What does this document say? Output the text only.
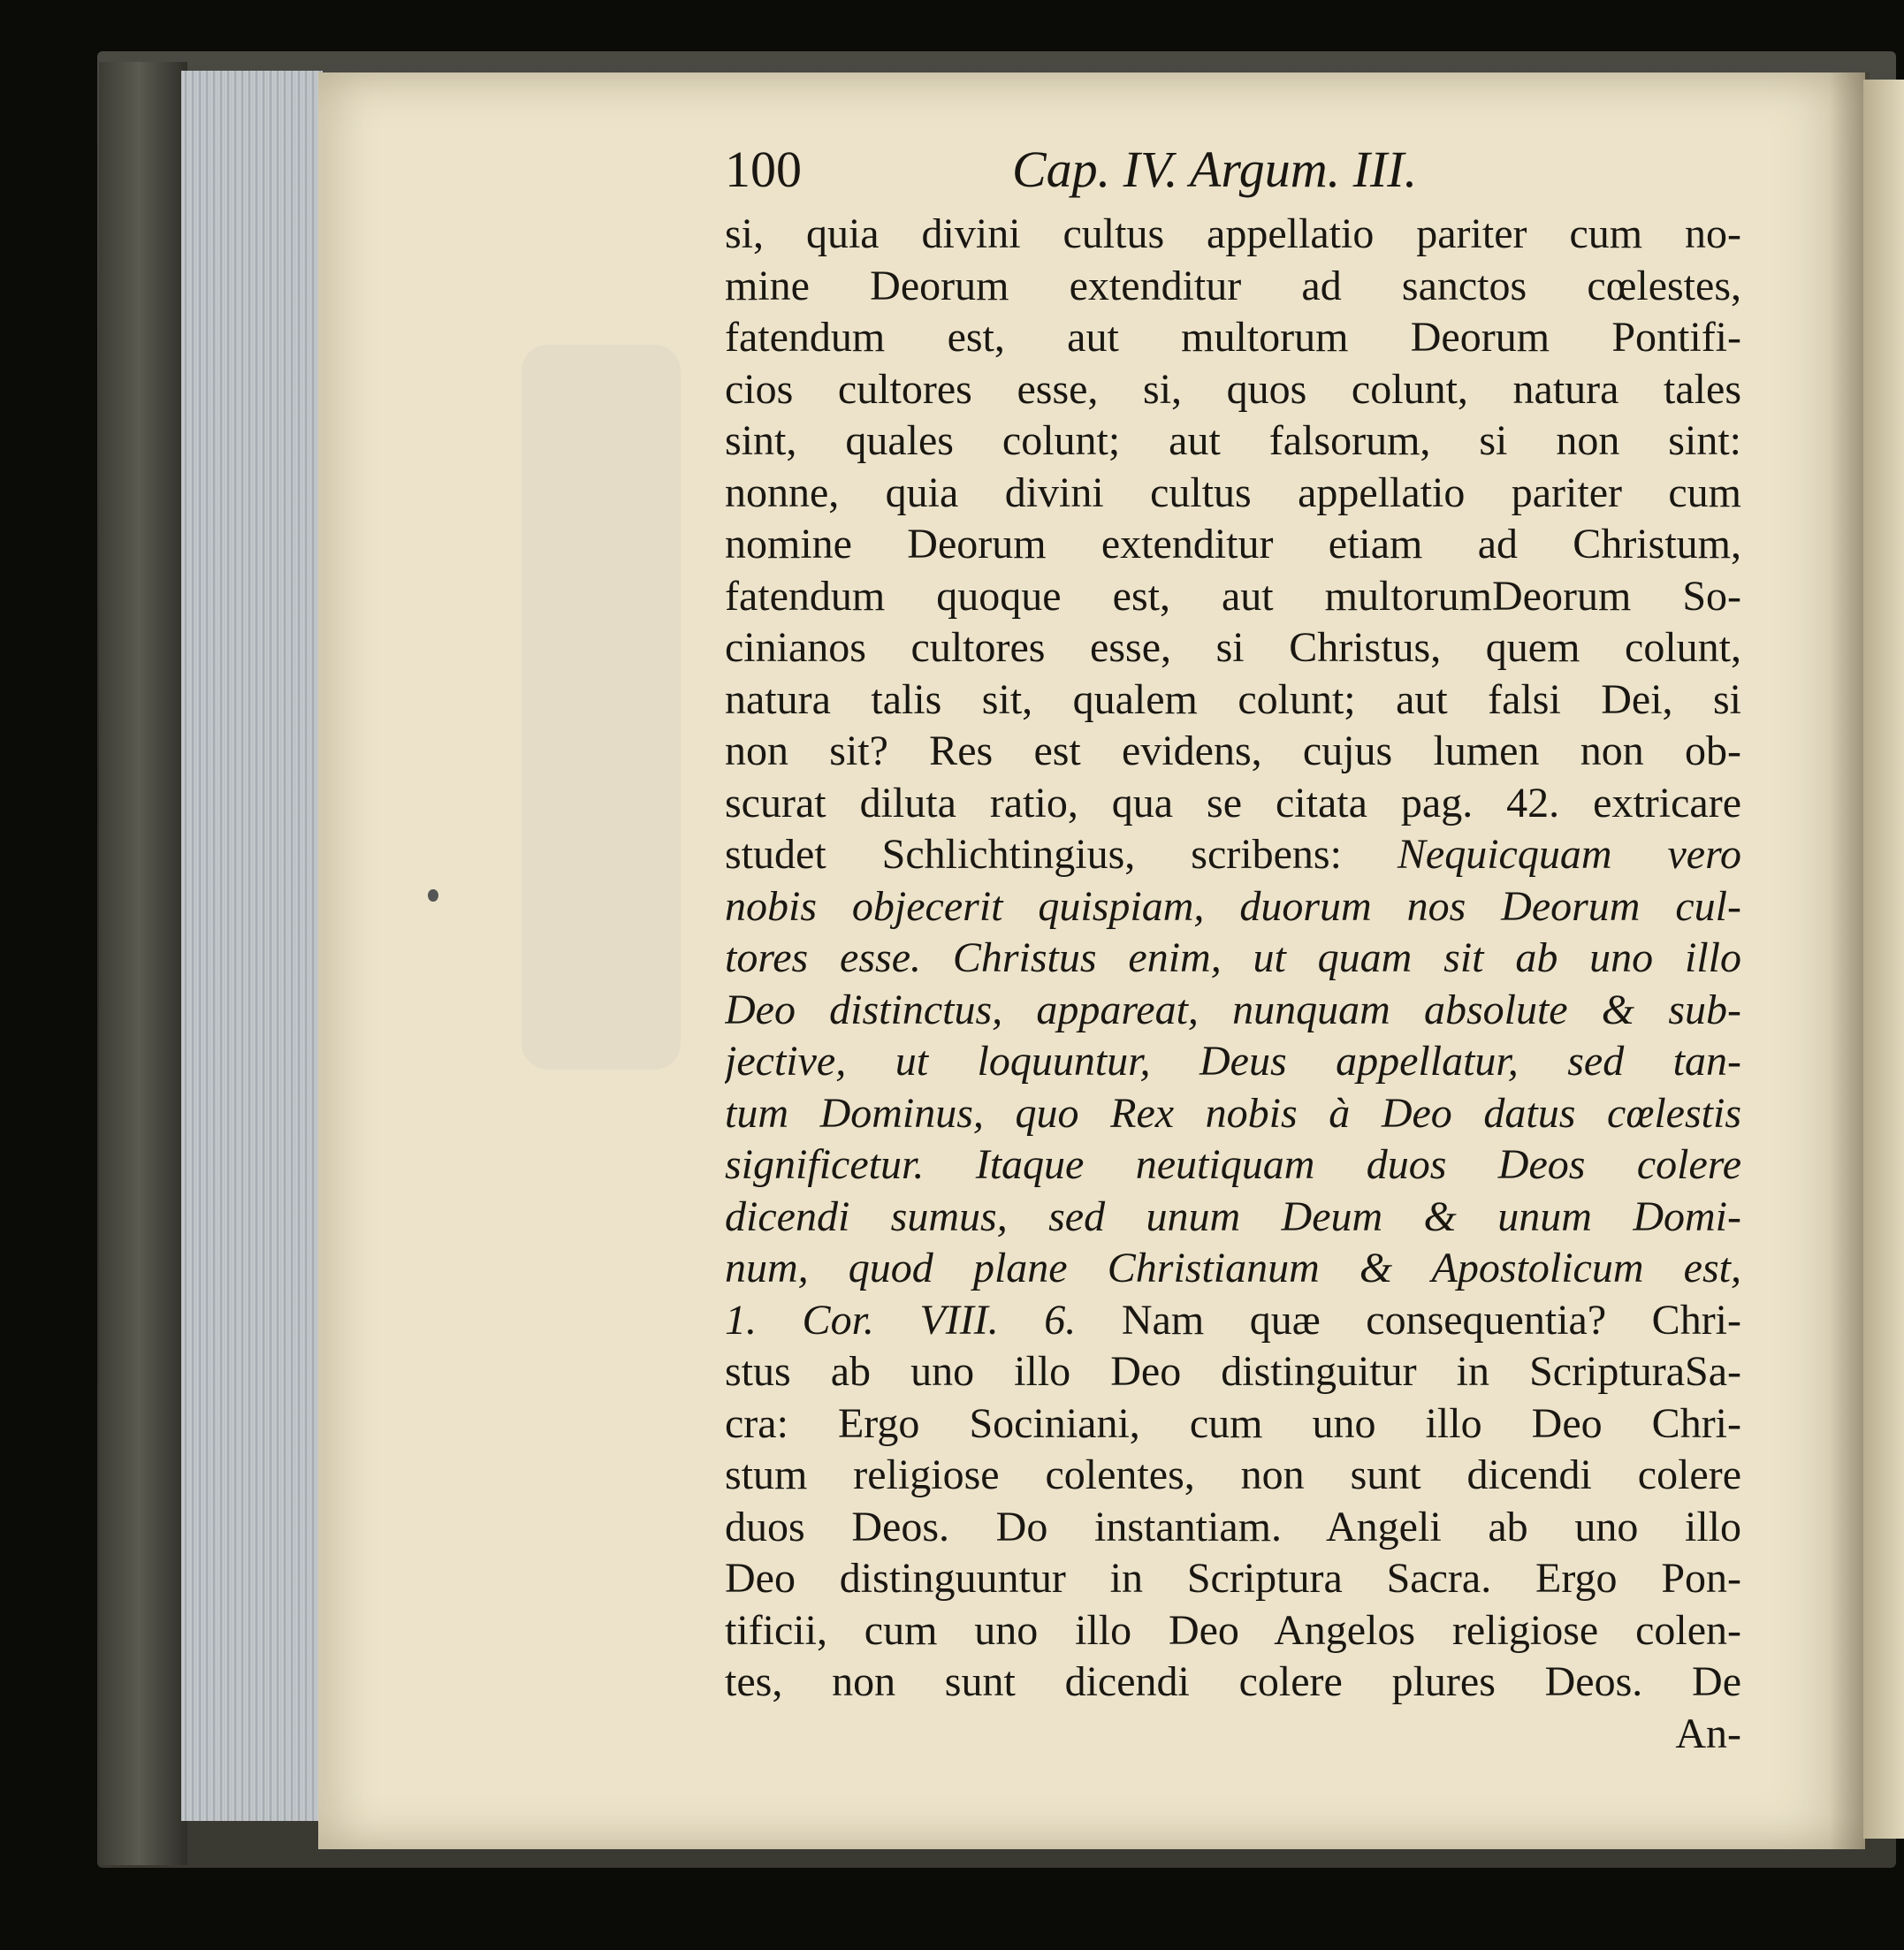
100	Cap. IV. Argum. III.
si, quia divini cultus appellatio pariter cum no-
mine Deorum extenditur ad sanctos cœlestes,
fatendum est, aut multorum Deorum Pontifi-
cios cultores esse, si, quos colunt, natura tales
sint, quales colunt; aut falsorum, si non sint:
nonne, quia divini cultus appellatio pariter cum
nomine Deorum extenditur etiam ad Christum,
fatendum quoque est, aut multorumDeorum So-
cinianos cultores esse, si Christus, quem colunt,
natura talis sit, qualem colunt; aut falsi Dei, si
non sit? Res est evidens, cujus lumen non ob-
scurat diluta ratio, qua se citata pag. 42. extricare
studet Schlichtingius, scribens: Nequicquam vero
nobis objecerit quispiam, duorum nos Deorum cul-
tores esse. Christus enim, ut quam sit ab uno illo
Deo distinctus, appareat, nunquam absolute & sub-
jective, ut loquuntur, Deus appellatur, sed tan-
tum Dominus, quo Rex nobis à Deo datus cœlestis
significetur. Itaque neutiquam duos Deos colere
dicendi sumus, sed unum Deum & unum Domi-
num, quod plane Christianum & Apostolicum est,
1. Cor. VIII. 6. Nam quæ consequentia? Chri-
stus ab uno illo Deo distinguitur in ScripturaSa-
cra: Ergo Sociniani, cum uno illo Deo Chri-
stum religiose colentes, non sunt dicendi colere
duos Deos. Do instantiam. Angeli ab uno illo
Deo distinguuntur in Scriptura Sacra. Ergo Pon-
tificii, cum uno illo Deo Angelos religiose colen-
tes, non sunt dicendi colere plures Deos. De
An-
